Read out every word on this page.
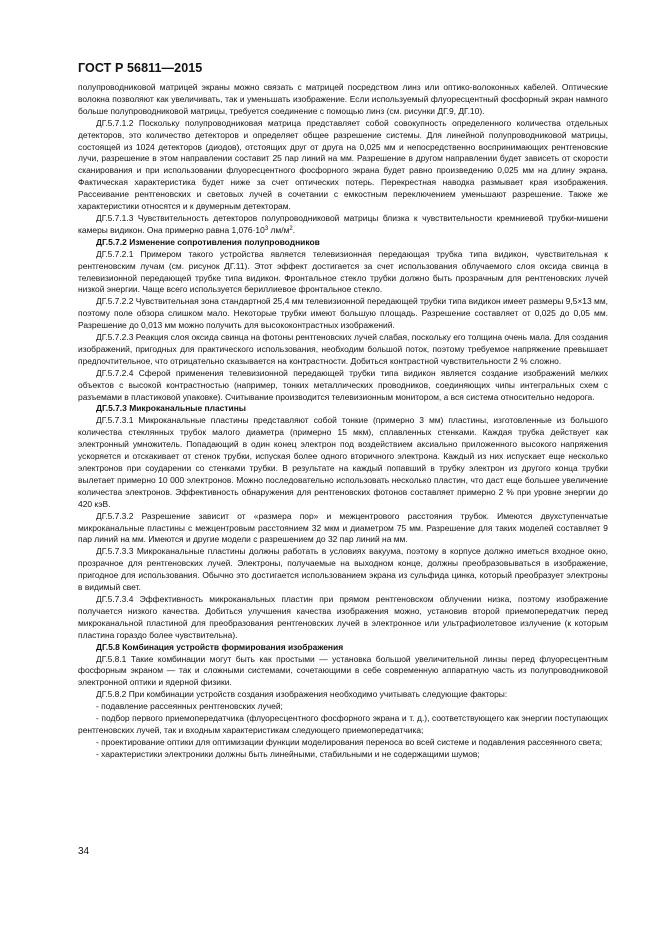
ГОСТ Р 56811—2015

полупроводниковой матрицей экраны можно связать с матрицей посредством линз или оптико-волоконных кабелей. Оптические волокна позволяют как увеличивать, так и уменьшать изображение. Если используемый флуоресцентный фосфорный экран намного больше полупроводниковой матрицы, требуется соединение с помощью линз (см. рисунки ДГ.9, ДГ.10).

ДГ.5.7.1.2 Поскольку полупроводниковая матрица представляет собой совокупность определенного количества отдельных детекторов, это количество детекторов и определяет общее разрешение системы. Для линейной полупроводниковой матрицы, состоящей из 1024 детекторов (диодов), отстоящих друг от друга на 0,025 мм и непосредственно воспринимающих рентгеновские лучи, разрешение в этом направлении составит 25 пар линий на мм. Разрешение в другом направлении будет зависеть от скорости сканирования и при использовании флуоресцентного фосфорного экрана будет равно произведению 0,025 мм на длину экрана. Фактическая характеристика будет ниже за счет оптических потерь. Перекрестная наводка размывает края изображения. Рассеивание рентгеновских и световых лучей в сочетании с емкостным переключением уменьшают разрешение. Также же характеристики относятся и к двумерным детекторам.

ДГ.5.7.1.3 Чувствительность детекторов полупроводниковой матрицы близка к чувствительности кремниевой трубки-мишени камеры видикон. Она примерно равна $1,076\cdot 10^3$ $лм/м^2$.

ДГ.5.7.2 Изменение сопротивления полупроводников

ДГ.5.7.2.1 Примером такого устройства является телевизионная передающая трубка типа видикон, чувствительная к рентгеновским лучам (см. рисунок ДГ.11). Этот эффект достигается за счет использования облучаемого слоя оксида свинца в телевизионной передающей трубке типа видикон. Фронтальное стекло трубки должно быть прозрачным для рентгеновских лучей низкой энергии. Чаще всего используется бериллиевое фронтальное стекло.

ДГ.5.7.2.2 Чувствительная зона стандартной 25,4 мм телевизионной передающей трубки типа видикон имеет размеры 9,5×13 мм, поэтому поле обзора слишком мало. Некоторые трубки имеют большую площадь. Разрешение составляет от 0,025 до 0,05 мм. Разрешение до 0,013 мм можно получить для высококонтрастных изображений.

ДГ.5.7.2.3 Реакция слоя оксида свинца на фотоны рентгеновских лучей слабая, поскольку его толщина очень мала. Для создания изображений, пригодных для практического использования, необходим большой поток, поэтому требуемое напряжение превышает предпочтительное, что отрицательно сказывается на контрастности. Добиться контрастной чувствительности 2 % сложно.

ДГ.5.7.2.4 Сферой применения телевизионной передающей трубки типа видикон является создание изображений мелких объектов с высокой контрастностью (например, тонких металлических проводников, соединяющих чипы интегральных схем с разъемами в пластиковой упаковке). Считывание производится телевизионным монитором, а вся система относительно недорога.

ДГ.5.7.3 Микроканальные пластины

ДГ.5.7.3.1 Микроканальные пластины представляют собой тонкие (примерно 3 мм) пластины, изготовленные из большого количества стеклянных трубок малого диаметра (примерно 15 мкм), сплавленных стенками. Каждая трубка действует как электронный умножитель. Попадающий в один конец электрон под воздействием аксиально приложенного высокого напряжения ускоряется и отскакивает от стенок трубки, испуская более одного вторичного электрона. Каждый из них испускает еще несколько электронов при соударении со стенками трубки. В результате на каждый попавший в трубку электрон из другого конца трубки вылетает примерно 10 000 электронов. Можно последовательно использовать несколько пластин, что даст еще большее увеличение количества электронов. Эффективность обнаружения для рентгеновских фотонов составляет примерно 2 % при уровне энергии до 420 кэВ.

ДГ.5.7.3.2 Разрешение зависит от «размера пор» и межцентрового расстояния трубок. Имеются двухступенчатые микроканальные пластины с межцентровым расстоянием 32 мкм и диаметром 75 мм. Разрешение для таких моделей составляет 9 пар линий на мм. Имеются и другие модели с разрешением до 32 пар линий на мм.

ДГ.5.7.3.3 Микроканальные пластины должны работать в условиях вакуума, поэтому в корпусе должно иметься входное окно, прозрачное для рентгеновских лучей. Электроны, получаемые на выходном конце, должны преобразовываться в изображение, пригодное для использования. Обычно это достигается использованием экрана из сульфида цинка, который преобразует электроны в видимый свет.

ДГ.5.7.3.4 Эффективность микроканальных пластин при прямом рентгеновском облучении низка, поэтому изображение получается низкого качества. Добиться улучшения качества изображения можно, установив второй приемопередатчик перед микроканальной пластиной для преобразования рентгеновских лучей в электронное или ультрафиолетовое излучение (к которым пластина гораздо более чувствительна).

ДГ.5.8 Комбинация устройств формирования изображения

ДГ.5.8.1 Такие комбинации могут быть как простыми — установка большой увеличительной линзы перед флуоресцентным фосфорным экраном — так и сложными системами, сочетающими в себе современную аппаратную часть из полупроводниковой электронной оптики и ядерной физики.

ДГ.5.8.2 При комбинации устройств создания изображения необходимо учитывать следующие факторы:

- подавление рассеянных рентгеновских лучей;

- подбор первого приемопередатчика (флуоресцентного фосфорного экрана и т. д.), соответствующего как энергии поступающих рентгеновских лучей, так и входным характеристикам следующего приемопередатчика;

- проектирование оптики для оптимизации функции моделирования переноса во всей системе и подавления рассеянного света;

- характеристики электроники должны быть линейными, стабильными и не содержащими шумов;

34
